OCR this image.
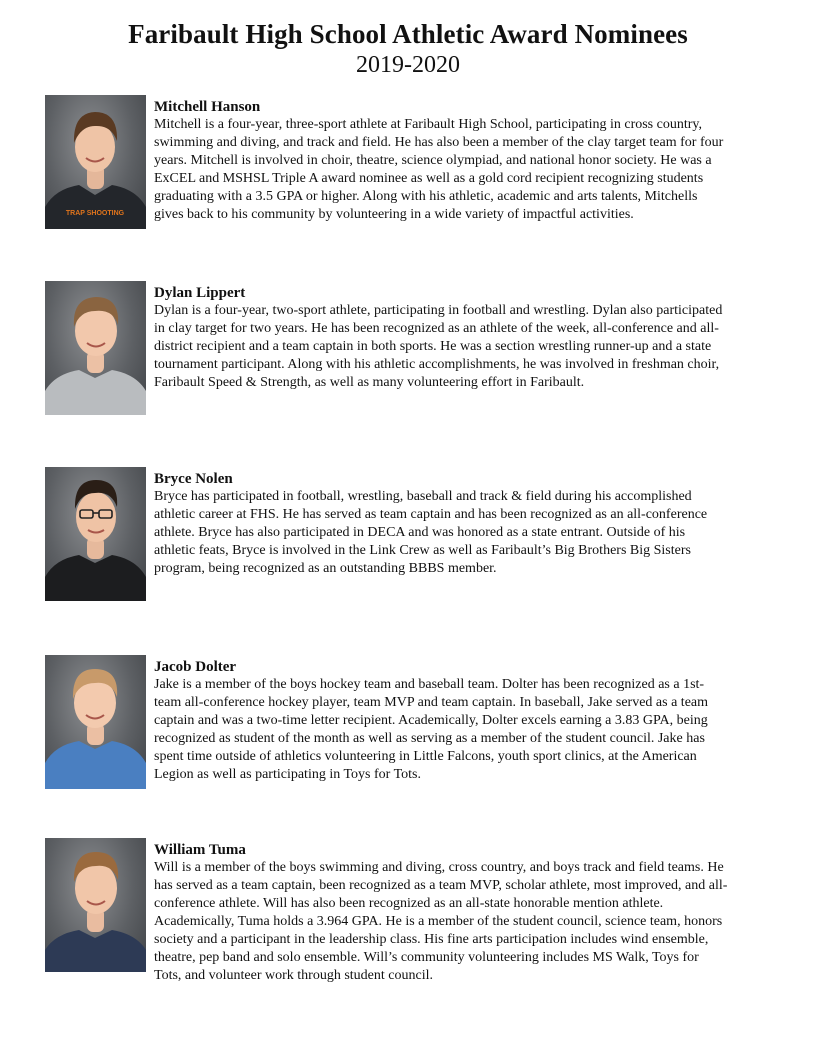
Faribault High School Athletic Award Nominees

2019-2020

TRAP SHOOTING

Mitchell Hanson

Mitchell is a four-year, three-sport athlete at Faribault High School, participating in cross country, swimming and diving, and track and field. He has also been a member of the clay target team for four years. Mitchell is involved in choir, theatre, science olympiad, and national honor society. He was a ExCEL and MSHSL Triple A award nominee as well as a gold cord recipient recognizing students graduating with a 3.5 GPA or higher. Along with his athletic, academic and arts talents, Mitchells gives back to his community by volunteering in a wide variety of impactful activities.

Dylan Lippert

Dylan is a four-year, two-sport athlete, participating in football and wrestling. Dylan also participated in clay target for two years. He has been recognized as an athlete of the week, all-conference and all-district recipient and a team captain in both sports. He was a section wrestling runner-up and a state tournament participant. Along with his athletic accomplishments, he was involved in freshman choir, Faribault Speed & Strength, as well as many volunteering effort in Faribault.

Bryce Nolen

Bryce has participated in football, wrestling, baseball and track & field during his accomplished athletic career at FHS. He has served as team captain and has been recognized as an all-conference athlete. Bryce has also participated in DECA and was honored as a state entrant. Outside of his athletic feats, Bryce is involved in the Link Crew as well as Faribault’s Big Brothers Big Sisters program, being recognized as an outstanding BBBS member.

Jacob Dolter

Jake is a member of the boys hockey team and baseball team. Dolter has been recognized as a 1st-team all-conference hockey player, team MVP and team captain. In baseball, Jake served as a team captain and was a two-time letter recipient. Academically, Dolter excels earning a 3.83 GPA, being recognized as student of the month as well as serving as a member of the student council. Jake has spent time outside of athletics volunteering in Little Falcons, youth sport clinics, at the American Legion as well as participating in Toys for Tots.

William Tuma

Will is a member of the boys swimming and diving, cross country, and boys track and field teams. He has served as a team captain, been recognized as a team MVP, scholar athlete, most improved, and all-conference athlete. Will has also been recognized as an all-state honorable mention athlete. Academically, Tuma holds a 3.964 GPA. He is a member of the student council, science team, honors society and a participant in the leadership class. His fine arts participation includes wind ensemble, theatre, pep band and solo ensemble. Will’s community volunteering includes MS Walk, Toys for Tots, and volunteer work through student council.
